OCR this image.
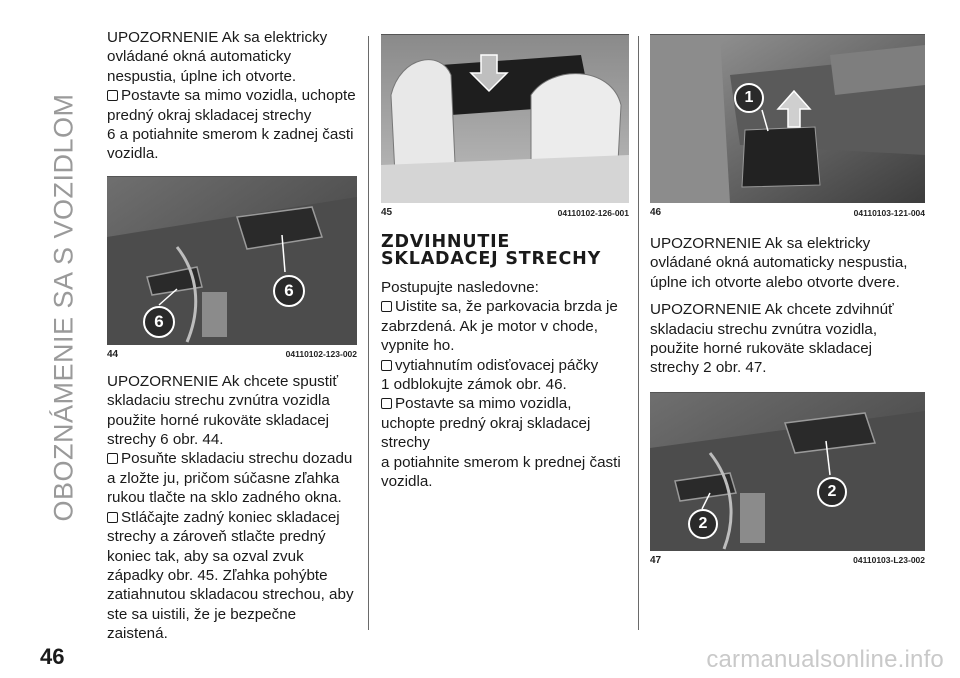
OBOZNÁMENIE SA S VOZIDLOM

UPOZORNENIE Ak sa elektricky ovládané okná automaticky nespustia, úplne ich otvorte.

Postavte sa mimo vozidla, uchopte predný okraj skladacej strechy

6 a potiahnite smerom k zadnej časti vozidla.

6
6
44	04110102-123-002

UPOZORNENIE Ak chcete spustiť skladaciu strechu zvnútra vozidla použite horné rukoväte skladacej strechy 6 obr. 44.

Posuňte skladaciu strechu dozadu a zložte ju, pričom súčasne zľahka rukou tlačte na sklo zadného okna.

Stláčajte zadný koniec skladacej strechy a zároveň stlačte predný koniec tak, aby sa ozval zvuk západky obr. 45. Zľahka pohýbte zatiahnutou skladacou strechou, aby ste sa uistili, že je bezpečne zaistená.

45	04110102-126-001
ZDVIHNUTIE SKLADACEJ STRECHY

Postupujte nasledovne:

Uistite sa, že parkovacia brzda je zabrzdená. Ak je motor v chode, vypnite ho.

vytiahnutím odisťovacej páčky

1 odblokujte zámok obr. 46.

Postavte sa mimo vozidla, uchopte predný okraj skladacej strechy

a potiahnite smerom k prednej časti vozidla.

1
46	04110103-121-004

UPOZORNENIE Ak sa elektricky ovládané okná automaticky nespustia, úplne ich otvorte alebo otvorte dvere.

UPOZORNENIE Ak chcete zdvihnúť skladaciu strechu zvnútra vozidla, použite horné rukoväte skladacej strechy 2 obr. 47.

2
2
47	04110103-L23-002
46	carmanualsonline.info
